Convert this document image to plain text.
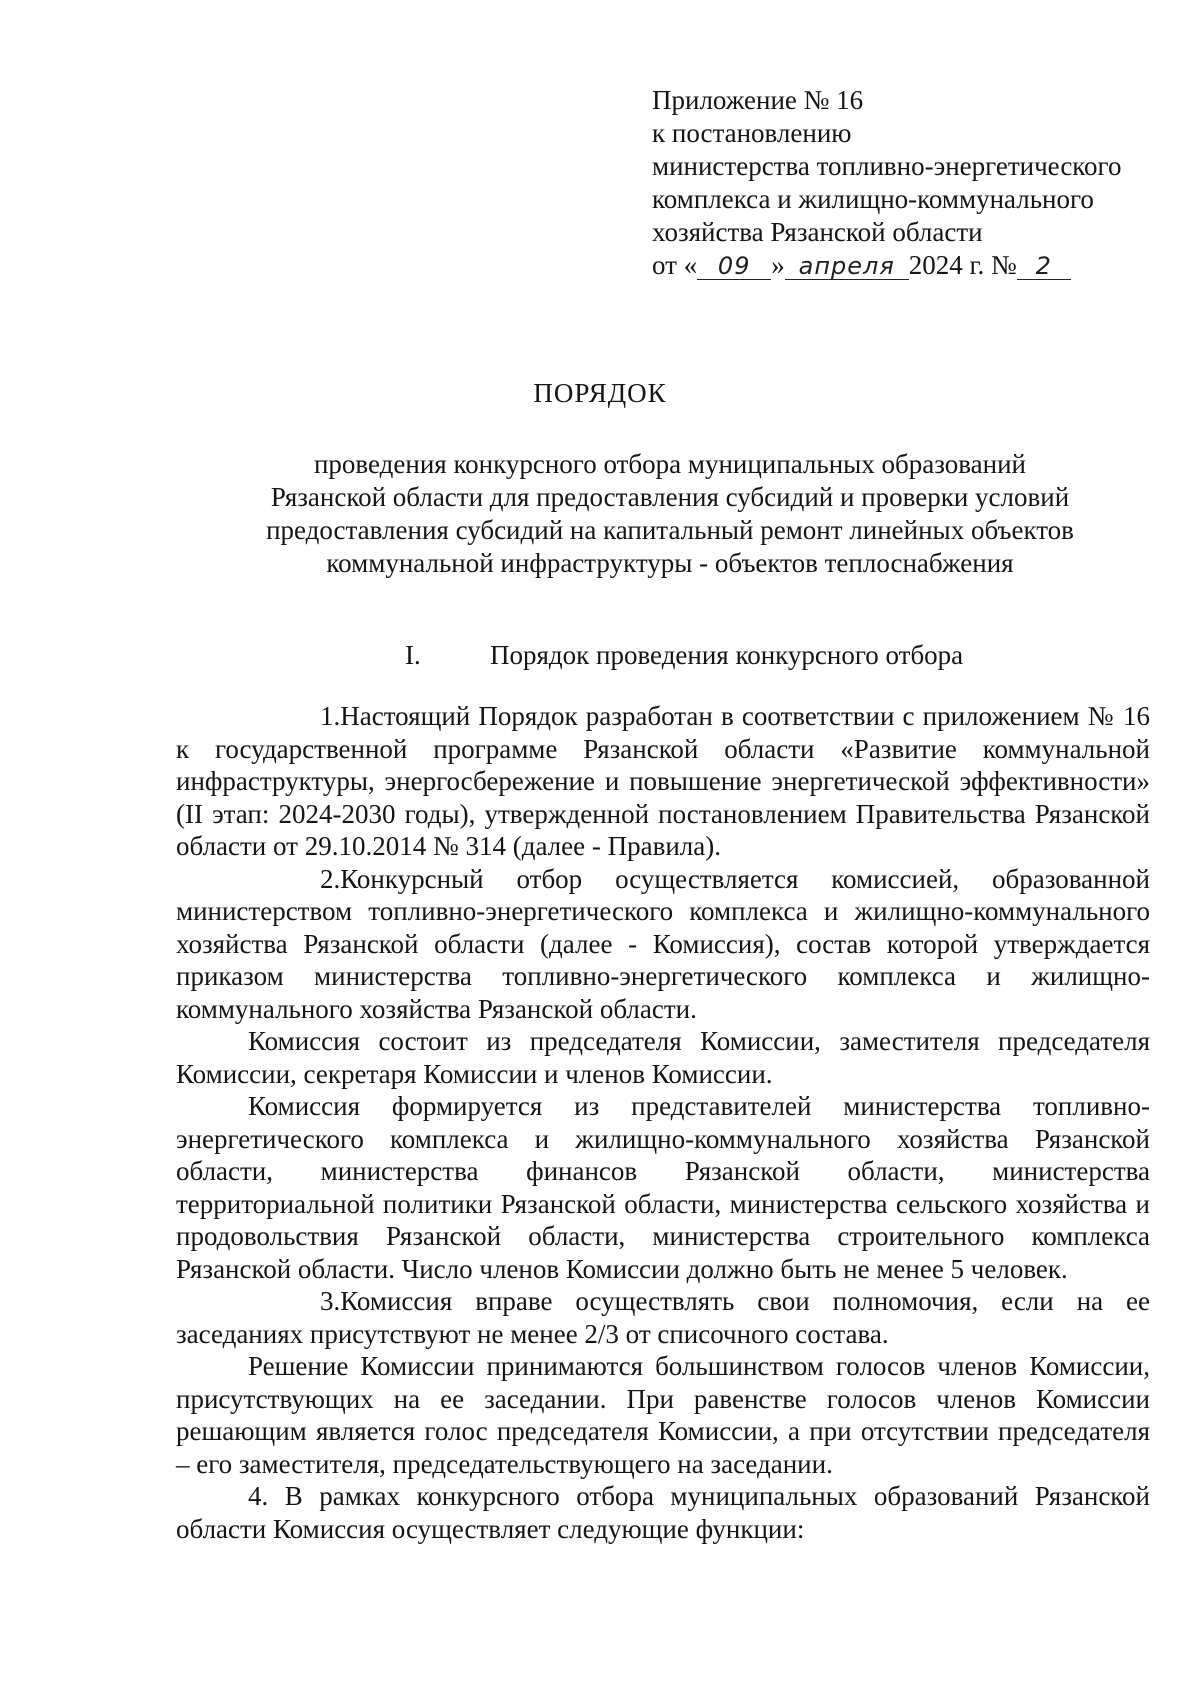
Приложение № 16
к постановлению
министерства топливно-энергетического
комплекса и жилищно-коммунального
хозяйства Рязанской области
от « 09 » апреля 2024 г. № 2
ПОРЯДОК
проведения конкурсного отбора муниципальных образований
Рязанской области для предоставления субсидий и проверки условий
предоставления субсидий на капитальный ремонт линейных объектов
коммунальной инфраструктуры - объектов теплоснабжения
I.	Порядок проведения конкурсного отбора

1.Настоящий Порядок разработан в соответствии с приложением № 16 к государственной программе Рязанской области «Развитие коммунальной инфраструктуры, энергосбережение и повышение энергетической эффективности» (II этап: 2024-2030 годы), утвержденной постановлением Правительства Рязанской области от 29.10.2014 № 314 (далее - Правила).

2.Конкурсный отбор осуществляется комиссией, образованной министерством топливно-энергетического комплекса и жилищно-коммунального хозяйства Рязанской области (далее - Комиссия), состав которой утверждается приказом министерства топливно-энергетического комплекса и жилищно-коммунального хозяйства Рязанской области.

Комиссия состоит из председателя Комиссии, заместителя председателя Комиссии, секретаря Комиссии и членов Комиссии.

Комиссия формируется из представителей министерства топливно-энергетического комплекса и жилищно-коммунального хозяйства Рязанской области, министерства финансов Рязанской области, министерства территориальной политики Рязанской области, министерства сельского хозяйства и продовольствия Рязанской области, министерства строительного комплекса Рязанской области. Число членов Комиссии должно быть не менее 5 человек.

3.Комиссия вправе осуществлять свои полномочия, если на ее заседаниях присутствуют не менее 2/3 от списочного состава.

Решение Комиссии принимаются большинством голосов членов Комиссии, присутствующих на ее заседании. При равенстве голосов членов Комиссии решающим является голос председателя Комиссии, а при отсутствии председателя – его заместителя, председательствующего на заседании.

4. В рамках конкурсного отбора муниципальных образований Рязанской области Комиссия осуществляет следующие функции:
